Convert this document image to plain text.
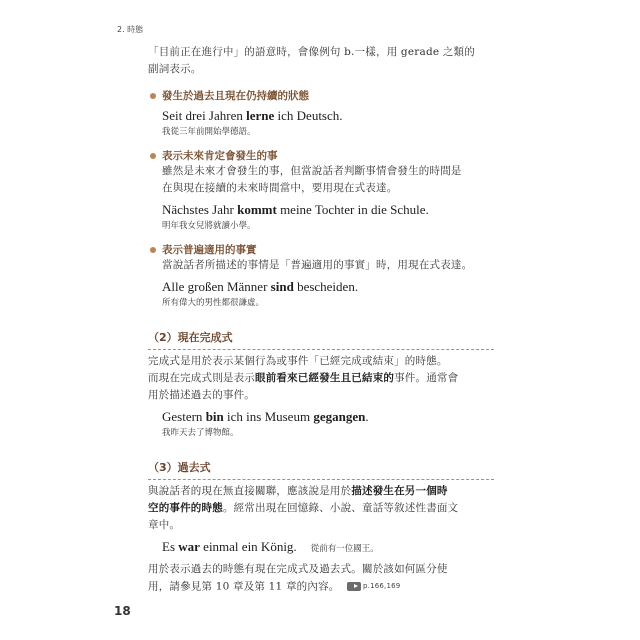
2. 時態

「目前正在進行中」的語意時，會像例句 b.一樣，用 gerade 之類的
副詞表示。

發生於過去且現在仍持續的狀態
Seit drei Jahren lerne ich Deutsch.
我從三年前開始學德語。
表示未來肯定會發生的事

雖然是未來才會發生的事，但當說話者判斷事情會發生的時間是
在與現在接續的未來時間當中，要用現在式表達。

Nächstes Jahr kommt meine Tochter in die Schule.
明年我女兒將就讀小學。
表示普遍適用的事實

當說話者所描述的事情是「普遍適用的事實」時，用現在式表達。

Alle großen Männer sind bescheiden.
所有偉大的男性都很謙虛。
（2）現在完成式

完成式是用於表示某個行為或事件「已經完成或結束」的時態。
而現在完成式則是表示眼前看來已經發生且已結束的事件。通常會
用於描述過去的事件。

Gestern bin ich ins Museum gegangen.
我昨天去了博物館。
（3）過去式

與說話者的現在無直接關聯，應該說是用於描述發生在另一個時
空的事件的時態。經常出現在回憶錄、小說、童話等敘述性書面文
章中。

Es war einmal ein König. 從前有一位國王。

用於表示過去的時態有現在完成式及過去式。關於該如何區分使
用，請參見第 10 章及第 11 章的內容。	p.166,169

18
